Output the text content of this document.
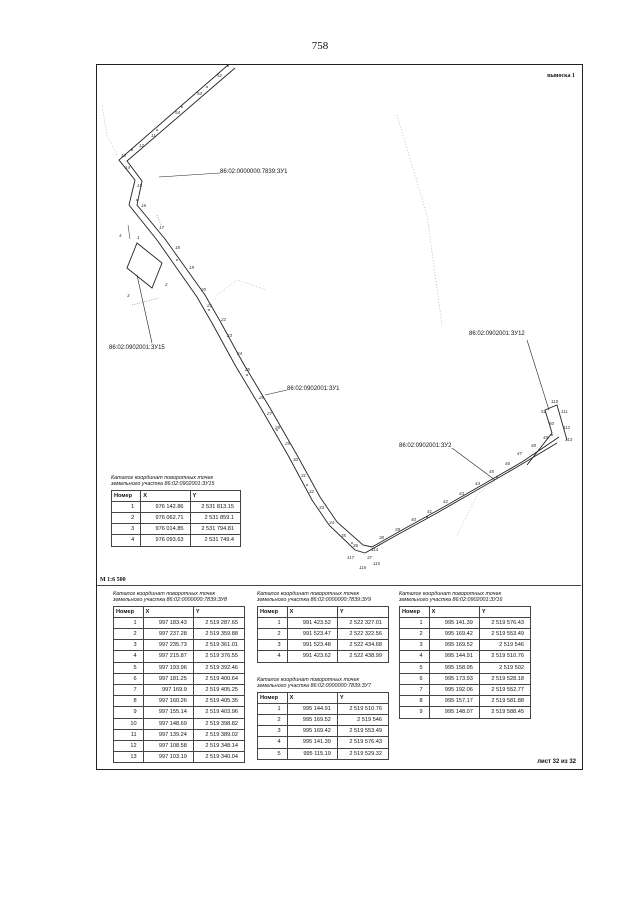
758
выноска 1
86:02:0000000:7839:ЗУ1
86:02:0902001:ЗУ15
86:02:0902001:ЗУ1
86:02:0902001:ЗУ12
86:02:0902001:ЗУ2
1
2
3
4
52
53
54
11
12
13
14
15
16
17
18
19
20
21
22
23
24
25
26
27
28
29
30
31
32
33
34
35
36
37
38
39
40
41
42
43
44
45
46
47
48
49
50
51
110
111
112
113
114
115
116
117
Каталог координат поворотных точек земельного участка 86:02:0902001:ЗУ15
Номер	X	Y
1	976 142.86	2 531 813.15
2	976 062.71	2 531 859.1
3	976 014.85	2 531 794.81
4	976 093.63	2 531 749.4
М 1:6 500
Каталог координат поворотных точек земельного участка 86:02:0000000:7839:ЗУ8
Номер	X	Y
1	997 183.43	2 519 287.65
2	997 237.28	2 519 359.88
3	997 235.73	2 519 361.01
4	997 215.87	2 519 376.55
5	997 193.96	2 519 392.46
6	997 181.25	2 519 400.64
7	997 169.9	2 519 405.25
8	997 160.26	2 519 405.35
9	997 155.14	2 519 403.96
10	997 148.69	2 519 398.82
11	997 139.24	2 519 389.02
12	997 108.58	2 519 348.14
13	997 103.19	2 519 340.04
Каталог координат поворотных точек земельного участка 86:02:0000000:7839:ЗУ9
Номер	X	Y
1	991 423.52	2 522 327.01
2	991 523.47	2 522 322.56
3	991 523.48	2 522 434.68
4	991 423.62	2 522 438.99
Каталог координат поворотных точек земельного участка 86:02:0000000:7839:ЗУ7
Номер	X	Y
1	995 144.91	2 519 510.76
2	995 169.52	2 519 546
3	995 169.42	2 519 553.49
4	995 141.39	2 519 576.43
5	995 115.19	2 519 529.32
Каталог координат поворотных точек земельного участка 86:02:0902001:ЗУ16
Номер	X	Y
1	995 141.39	2 519 576.43
2	995 169.42	2 519 553.49
3	995 169.52	2 519 546
4	995 144.91	2 519 510.76
5	995 158.95	2 519 502
6	995 173.93	2 519 528.18
7	995 192.06	2 519 552.77
8	995 157.17	2 519 581.88
9	995 148.07	2 519 588.45
лист 32 из 32
